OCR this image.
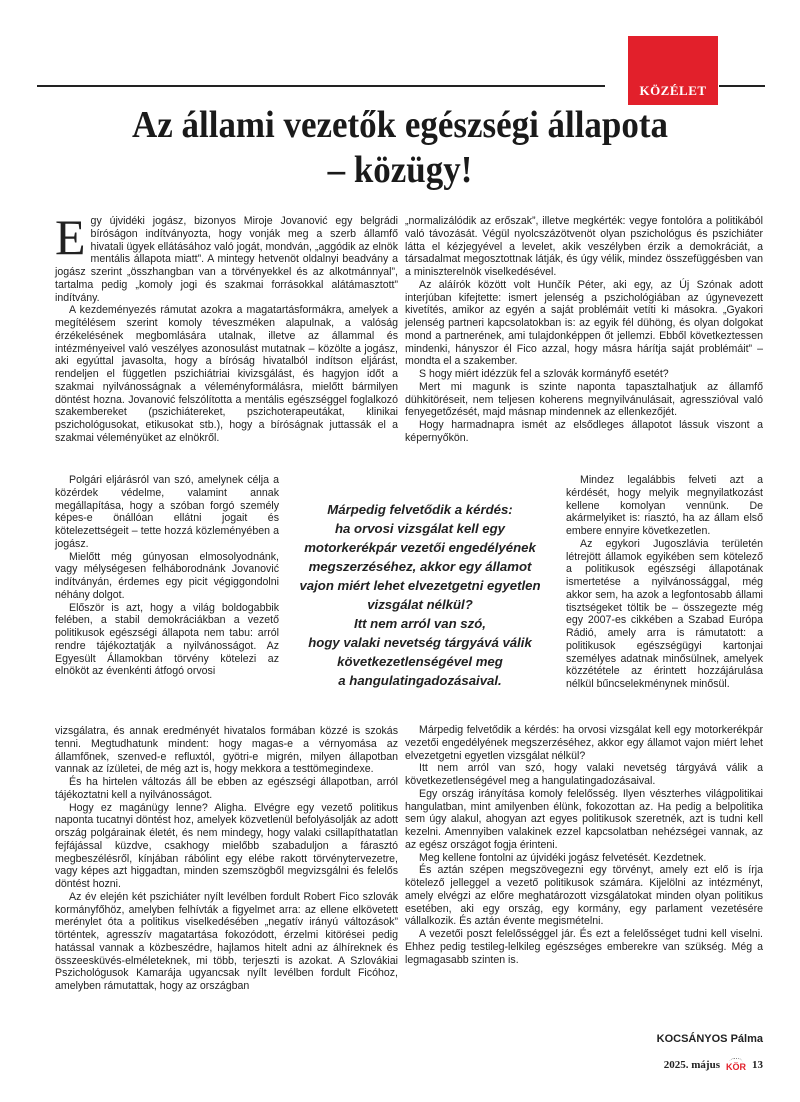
KÖZÉLET
Az állami vezetők egészségi állapota
– közügy!

Egy újvidéki jogász, bizonyos Miroje Jovanović egy belgrádi bíróságon indítványozta, hogy vonják meg a szerb államfő hivatali ügyek ellátásához való jogát, mondván, „aggódik az elnök mentális állapota miatt”. A mintegy hetvenöt oldalnyi beadvány a jogász szerint „összhangban van a törvényekkel és az alkotmánnyal”, tartalma pedig „komoly jogi és szakmai forrásokkal alátámasztott” indítvány.

A kezdeményezés rámutat azokra a magatartásformákra, amelyek a megítélésem szerint komoly téveszméken alapulnak, a valóság érzékelésének megbomlására utalnak, illetve az állammal és intézményeivel való veszélyes azonosulást mutatnak – közölte a jogász, aki egyúttal javasolta, hogy a bíróság hivatalból indítson eljárást, rendeljen el független pszichiátriai kivizsgálást, és hagyjon időt a szakmai nyilvánosságnak a véleményformálásra, mielőtt bármilyen döntést hozna. Jovanović felszólította a mentális egészséggel foglalkozó szakembereket (pszichiátereket, pszichoterapeutákat, klinikai pszichológusokat, etikusokat stb.), hogy a bíróságnak juttassák el a szakmai véleményüket az elnökről.

Polgári eljárásról van szó, amelynek célja a közérdek védelme, valamint annak megállapítása, hogy a szóban forgó személy képes-e önállóan ellátni jogait és kötelezettségeit – tette hozzá közleményében a jogász.

Mielőtt még gúnyosan elmosolyodnánk, vagy mélységesen felháborodnánk Jovanović indítványán, érdemes egy picit végiggondolni néhány dolgot.

Először is azt, hogy a világ boldogabbik felében, a stabil demokráciákban a vezető politikusok egészségi állapota nem tabu: arról rendre tájékoztatják a nyilvánosságot. Az Egyesült Államokban törvény kötelezi az elnököt az évenkénti átfogó orvosi

Márpedig felvetődik a kérdés:
ha orvosi vizsgálat kell egy
motorkerékpár vezetői engedélyének
megszerzéséhez, akkor egy államot
vajon miért lehet elvezetgetni egyetlen
vizsgálat nélkül?
Itt nem arról van szó,
hogy valaki nevetség tárgyává válik
következetlenségével meg
a hangulatingadozásaival.

vizsgálatra, és annak eredményét hivatalos formában közzé is szokás tenni. Megtudhatunk mindent: hogy magas-e a vérnyomása az államfőnek, szenved-e refluxtól, gyötri-e migrén, milyen állapotban vannak az ízületei, de még azt is, hogy mekkora a testtömegindexe.

És ha hirtelen változás áll be ebben az egészségi állapotban, arról tájékoztatni kell a nyilvánosságot.

Hogy ez magánügy lenne? Aligha. Elvégre egy vezető politikus naponta tucatnyi döntést hoz, amelyek közvetlenül befolyásolják az adott ország polgárainak életét, és nem mindegy, hogy valaki csillapíthatatlan fejfájással küzdve, csakhogy mielőbb szabaduljon a fárasztó megbeszélésről, kínjában rábólint egy elébe rakott törvénytervezetre, vagy képes azt higgadtan, minden szemszögből megvizsgálni és felelős döntést hozni.

Az év elején két pszichiáter nyílt levélben fordult Robert Fico szlovák kormányfőhöz, amelyben felhívták a figyelmet arra: az ellene elkövetett merénylet óta a politikus viselkedésében „negatív irányú változások” történtek, agresszív magatartása fokozódott, érzelmi kitörései pedig hatással vannak a közbeszédre, hajlamos hitelt adni az álhíreknek és összeesküvés-elméleteknek, mi több, terjeszti is azokat. A Szlovákiai Pszichológusok Kamarája ugyancsak nyílt levélben fordult Ficóhoz, amelyben rámutattak, hogy az országban

„normalizálódik az erőszak”, illetve megkérték: vegye fontolóra a politikából való távozását. Végül nyolcszázötvenöt olyan pszichológus és pszichiáter látta el kézjegyével a levelet, akik veszélyben érzik a demokráciát, a társadalmat megosztottnak látják, és úgy vélik, mindez összefüggésben van a miniszterelnök viselkedésével.

Az aláírók között volt Hunčík Péter, aki egy, az Új Szónak adott interjúban kifejtette: ismert jelenség a pszichológiában az úgynevezett kivetítés, amikor az egyén a saját problémáit vetíti ki másokra. „Gyakori jelenség partneri kapcsolatokban is: az egyik fél dühöng, és olyan dolgokat mond a partnerének, ami tulajdonképpen őt jellemzi. Ebből következtessen mindenki, hányszor él Fico azzal, hogy másra hárítja saját problémáit” – mondta el a szakember.

S hogy miért idézzük fel a szlovák kormányfő esetét?

Mert mi magunk is szinte naponta tapasztalhatjuk az államfő dühkitöréseit, nem teljesen koherens megnyilvánulásait, agresszióval való fenyegetőzését, majd másnap mindennek az ellenkezőjét.

Hogy harmadnapra ismét az elsődleges állapotot lássuk viszont a képernyőkön.

Mindez legalábbis felveti azt a kérdését, hogy melyik megnyilatkozást kellene komolyan vennünk. De akármelyiket is: riasztó, ha az állam első embere ennyire következetlen.

Az egykori Jugoszlávia területén létrejött államok egyikében sem kötelező a politikusok egészségi állapotának ismertetése a nyilvánossággal, még akkor sem, ha azok a legfontosabb állami tisztségeket töltik be – összegezte még egy 2007-es cikkében a Szabad Európa Rádió, amely arra is rámutatott: a politikusok egészségügyi kartonjai személyes adatnak minősülnek, amelyek közzététele az érintett hozzájárulása nélkül bűncselekménynek minősül.

Márpedig felvetődik a kérdés: ha orvosi vizsgálat kell egy motorkerékpár vezetői engedélyének megszerzéséhez, akkor egy államot vajon miért lehet elvezetgetni egyetlen vizsgálat nélkül?

Itt nem arról van szó, hogy valaki nevetség tárgyává válik a következetlenségével meg a hangulatingadozásaival.

Egy ország irányítása komoly felelősség. Ilyen vészterhes világpolitikai hangulatban, mint amilyenben élünk, fokozottan az. Ha pedig a belpolitika sem úgy alakul, ahogyan azt egyes politikusok szeretnék, azt is tudni kell kezelni. Amennyiben valakinek ezzel kapcsolatban nehézségei vannak, az az egész országot fogja érinteni.

Meg kellene fontolni az újvidéki jogász felvetését. Kezdetnek.

És aztán szépen megszövegezni egy törvényt, amely ezt elő is írja kötelező jelleggel a vezető politikusok számára. Kijelölni az intézményt, amely elvégzi az előre meghatározott vizsgálatokat minden olyan politikus esetében, aki egy ország, egy kormány, egy parlament vezetésére vállalkozik. És aztán évente megismételni.

A vezetői poszt felelősséggel jár. És ezt a felelősséget tudni kell viselni. Ehhez pedig testileg-lelkileg egészséges emberekre van szükség. Még a legmagasabb szinten is.

KOCSÁNYOS Pálma
2025. május KÖR 13
